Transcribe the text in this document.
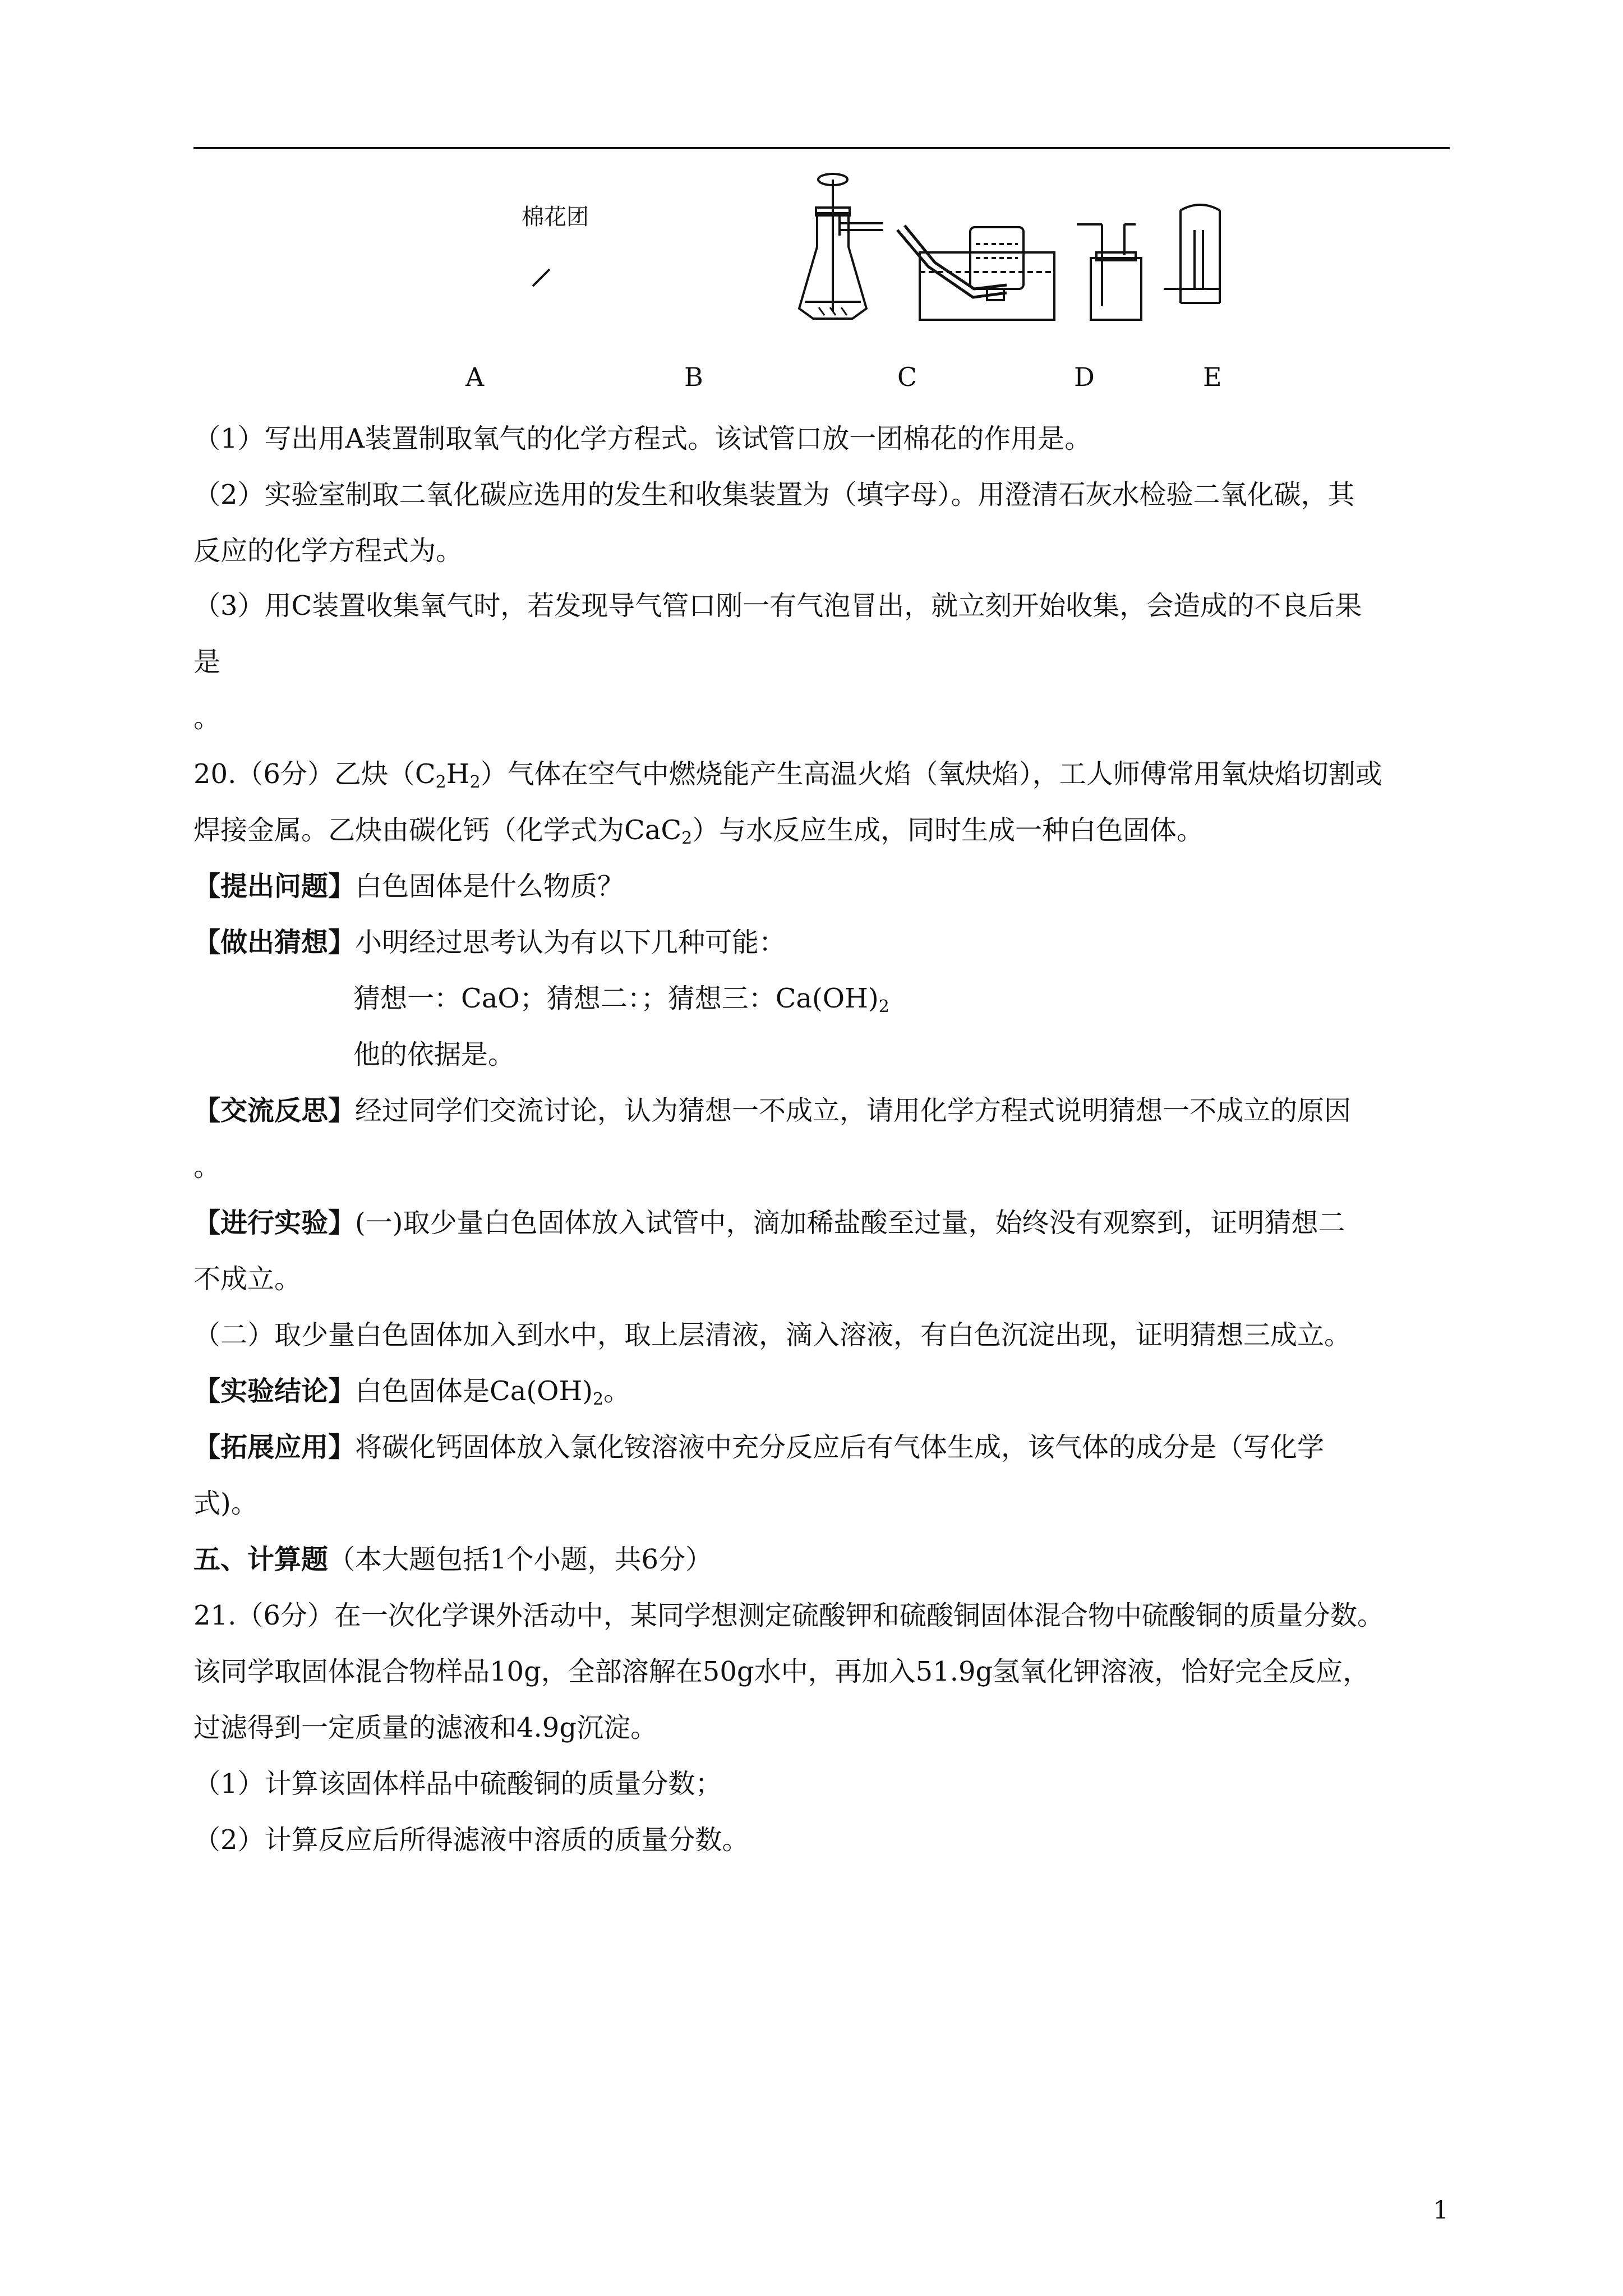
棉花团
A	B	C	D	E
（1）写出用A装置制取氧气的化学方程式。该试管口放一团棉花的作用是。
（2）实验室制取二氧化碳应选用的发生和收集装置为（填字母）。用澄清石灰水检验二氧化碳，其
反应的化学方程式为。
（3）用C装置收集氧气时，若发现导气管口刚一有气泡冒出，就立刻开始收集，会造成的不良后果
是
。
20.（6分）乙炔$(C_2H_2)$气体在空气中燃烧能产生高温火焰（氧炔焰），工人师傅常用氧炔焰切割或
焊接金属。乙炔由碳化钙（化学式为CaC$_2$）与水反应生成，同时生成一种白色固体。
【提出问题】白色固体是什么物质？
【做出猜想】小明经过思考认为有以下几种可能：
猜想一：CaO；猜想二：；猜想三：$Ca(OH)_2$
他的依据是。
【交流反思】经过同学们交流讨论，认为猜想一不成立，请用化学方程式说明猜想一不成立的原因
。
【进行实验】(一)取少量白色固体放入试管中，滴加稀盐酸至过量，始终没有观察到，证明猜想二
不成立。
（二）取少量白色固体加入到水中，取上层清液，滴入溶液，有白色沉淀出现，证明猜想三成立。
【实验结论】白色固体是$Ca(OH)_2$。
【拓展应用】将碳化钙固体放入氯化铵溶液中充分反应后有气体生成，该气体的成分是（写化学
式)。
五、计算题（本大题包括1个小题，共6分）
21.（6分）在一次化学课外活动中，某同学想测定硫酸钾和硫酸铜固体混合物中硫酸铜的质量分数。
该同学取固体混合物样品10g，全部溶解在50g水中，再加入51.9g氢氧化钾溶液，恰好完全反应，
过滤得到一定质量的滤液和4.9g沉淀。
（1）计算该固体样品中硫酸铜的质量分数；
（2）计算反应后所得滤液中溶质的质量分数。
1
